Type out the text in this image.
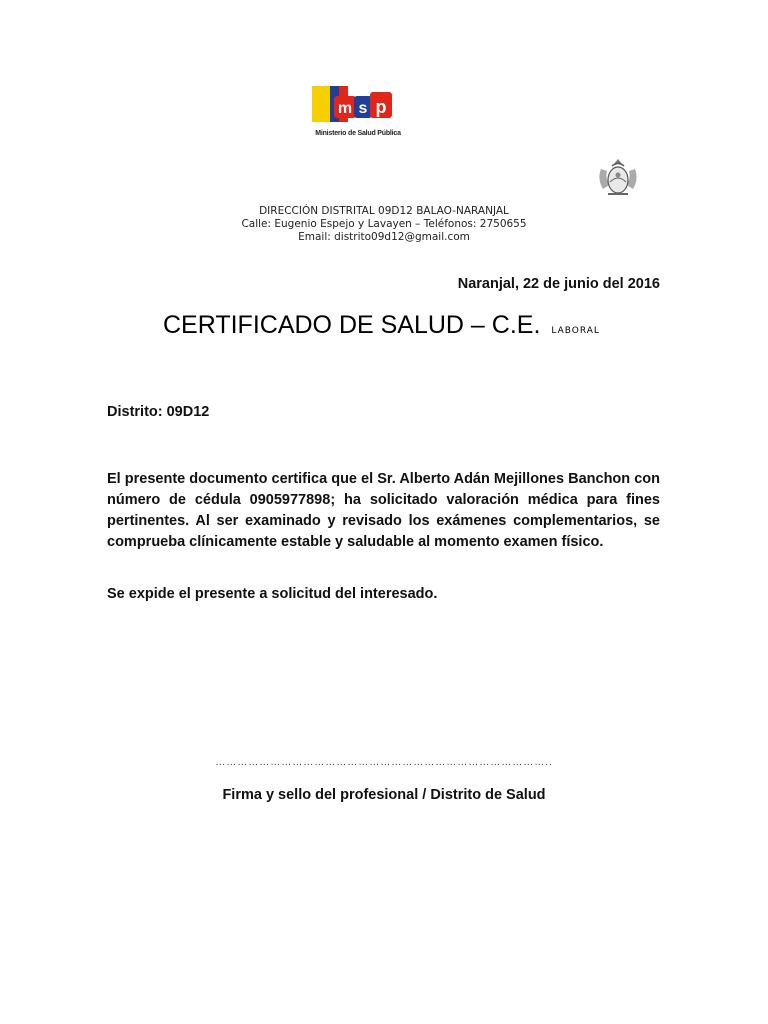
m s p
Ministerio de Salud Pública
DIRECCIÓN DISTRITAL 09D12 BALAO-NARANJAL
Calle: Eugenio Espejo y Lavayen – Teléfonos: 2750655
Email: distrito09d12@gmail.com
Naranjal, 22 de junio del 2016
CERTIFICADO DE SALUD – C.E. LABORAL
Distrito: 09D12

El presente documento certifica que el Sr. Alberto Adán Mejillones Banchon con número de cédula 0905977898; ha solicitado valoración médica para fines pertinentes. Al ser examinado y revisado los exámenes complementarios, se comprueba clínicamente estable y saludable al momento examen físico.

Se expide el presente a solicitud del interesado.
………………………………………………………………………………..
Firma y sello del profesional / Distrito de Salud
